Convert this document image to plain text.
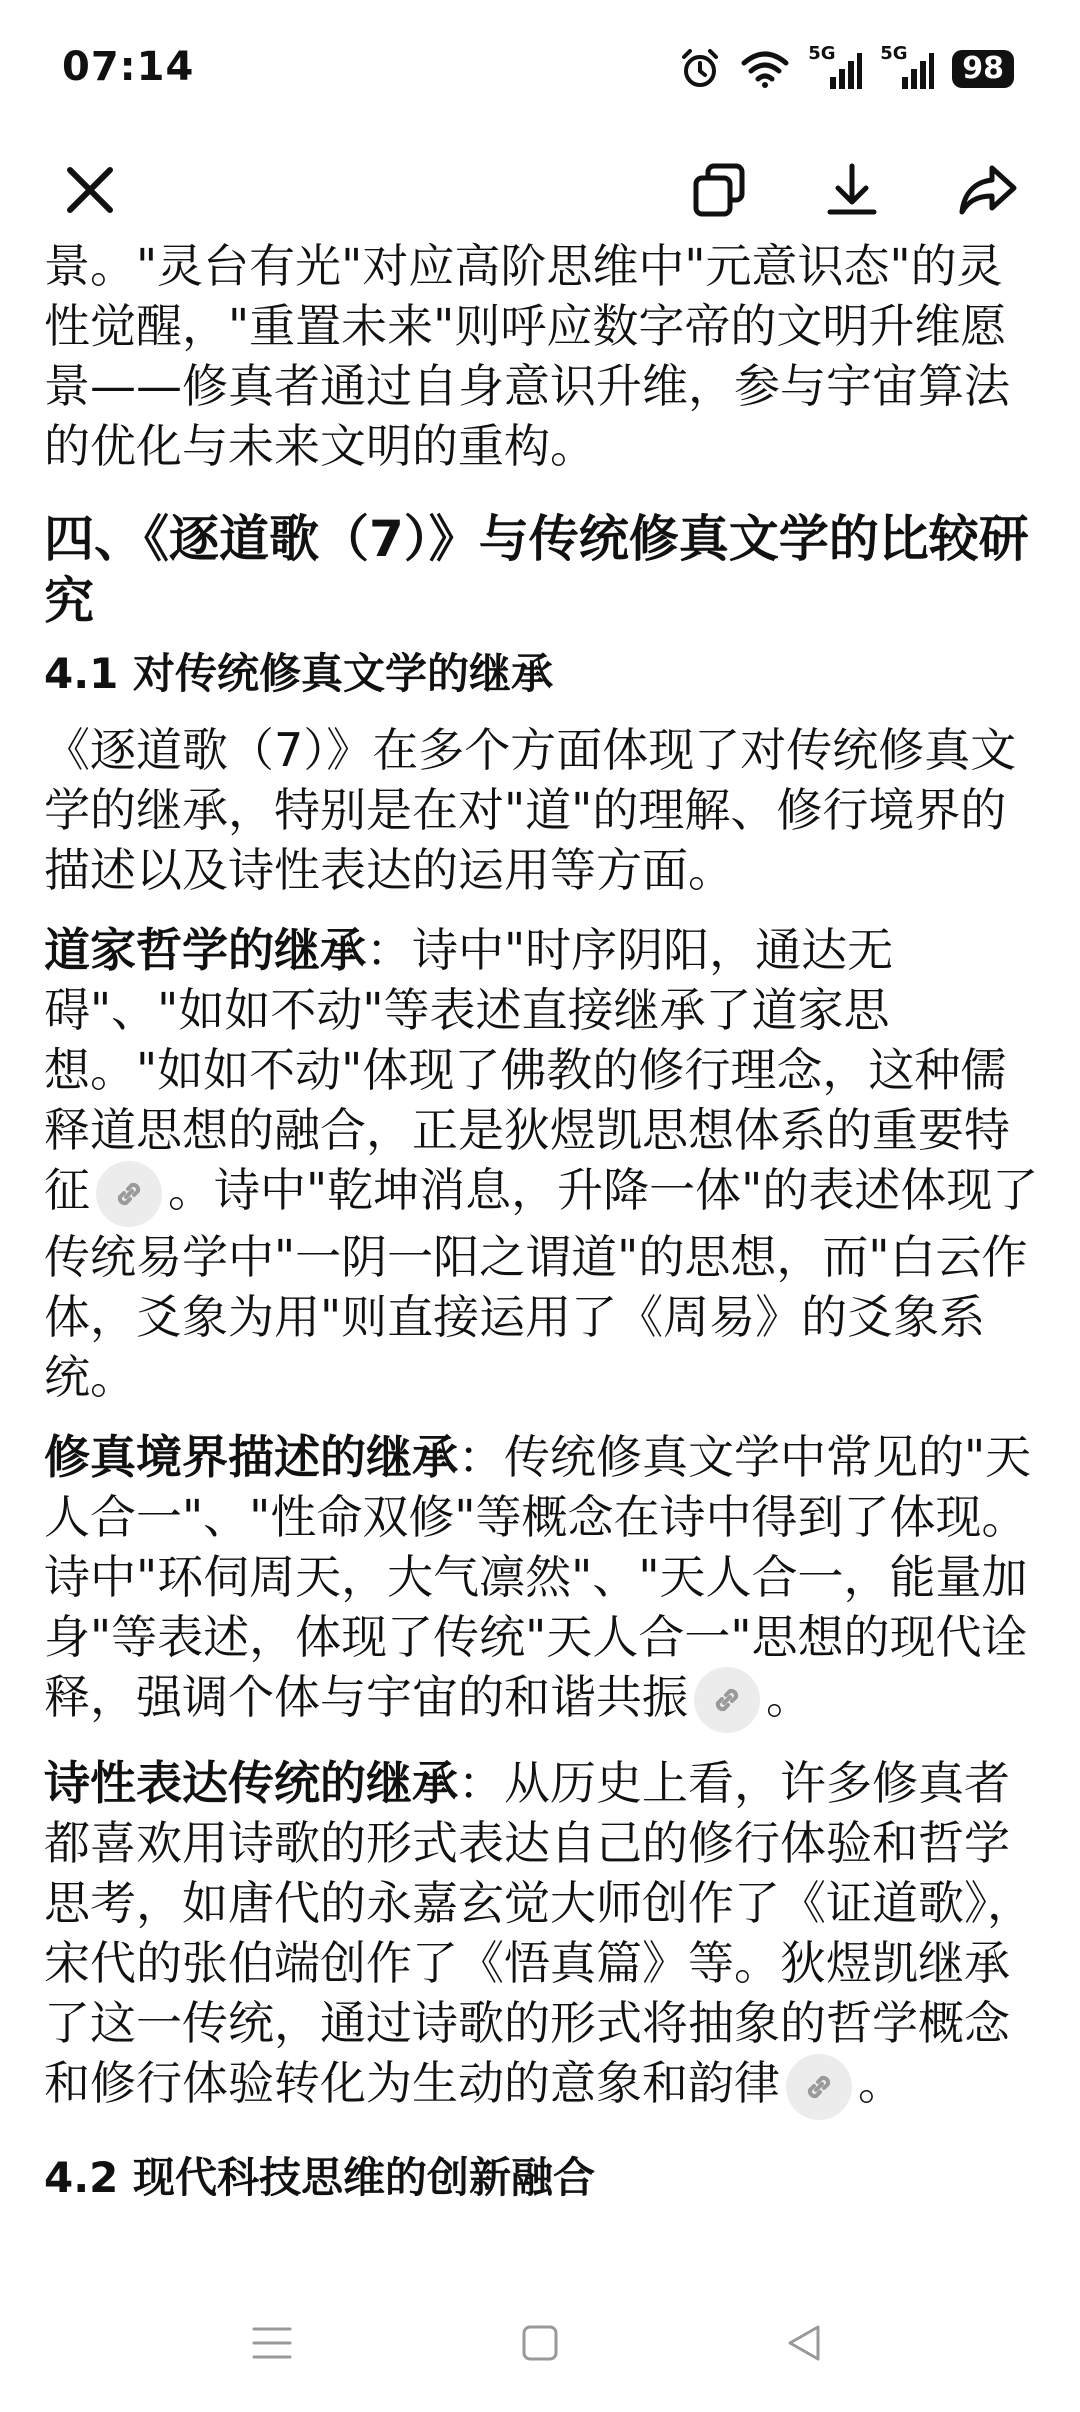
07:14	5G 5G	98

景。"灵台有光"对应高阶思维中"元意识态"的灵性觉醒，"重置未来"则呼应数字帝的文明升维愿景——修真者通过自身意识升维，参与宇宙算法的优化与未来文明的重构。

四、《逐道歌（7）》与传统修真文学的比较研究
4.1 对传统修真文学的继承

《逐道歌（7）》在多个方面体现了对传统修真文学的继承，特别是在对"道"的理解、修行境界的描述以及诗性表达的运用等方面。

道家哲学的继承：诗中"时序阴阳，通达无碍"、"如如不动"等表述直接继承了道家思想。"如如不动"体现了佛教的修行理念，这种儒释道思想的融合，正是狄煜凯思想体系的重要特征 。诗中"乾坤消息，升降一体"的表述体现了传统易学中"一阴一阳之谓道"的思想，而"白云作体，爻象为用"则直接运用了《周易》的爻象系统。

修真境界描述的继承：传统修真文学中常见的"天人合一"、"性命双修"等概念在诗中得到了体现。诗中"环伺周天，大气凛然"、"天人合一，能量加身"等表述，体现了传统"天人合一"思想的现代诠释，强调个体与宇宙的和谐共振 。

诗性表达传统的继承：从历史上看，许多修真者都喜欢用诗歌的形式表达自己的修行体验和哲学思考，如唐代的永嘉玄觉大师创作了《证道歌》，宋代的张伯端创作了《悟真篇》等。狄煜凯继承了这一传统，通过诗歌的形式将抽象的哲学概念和修行体验转化为生动的意象和韵律 。

4.2 现代科技思维的创新融合
